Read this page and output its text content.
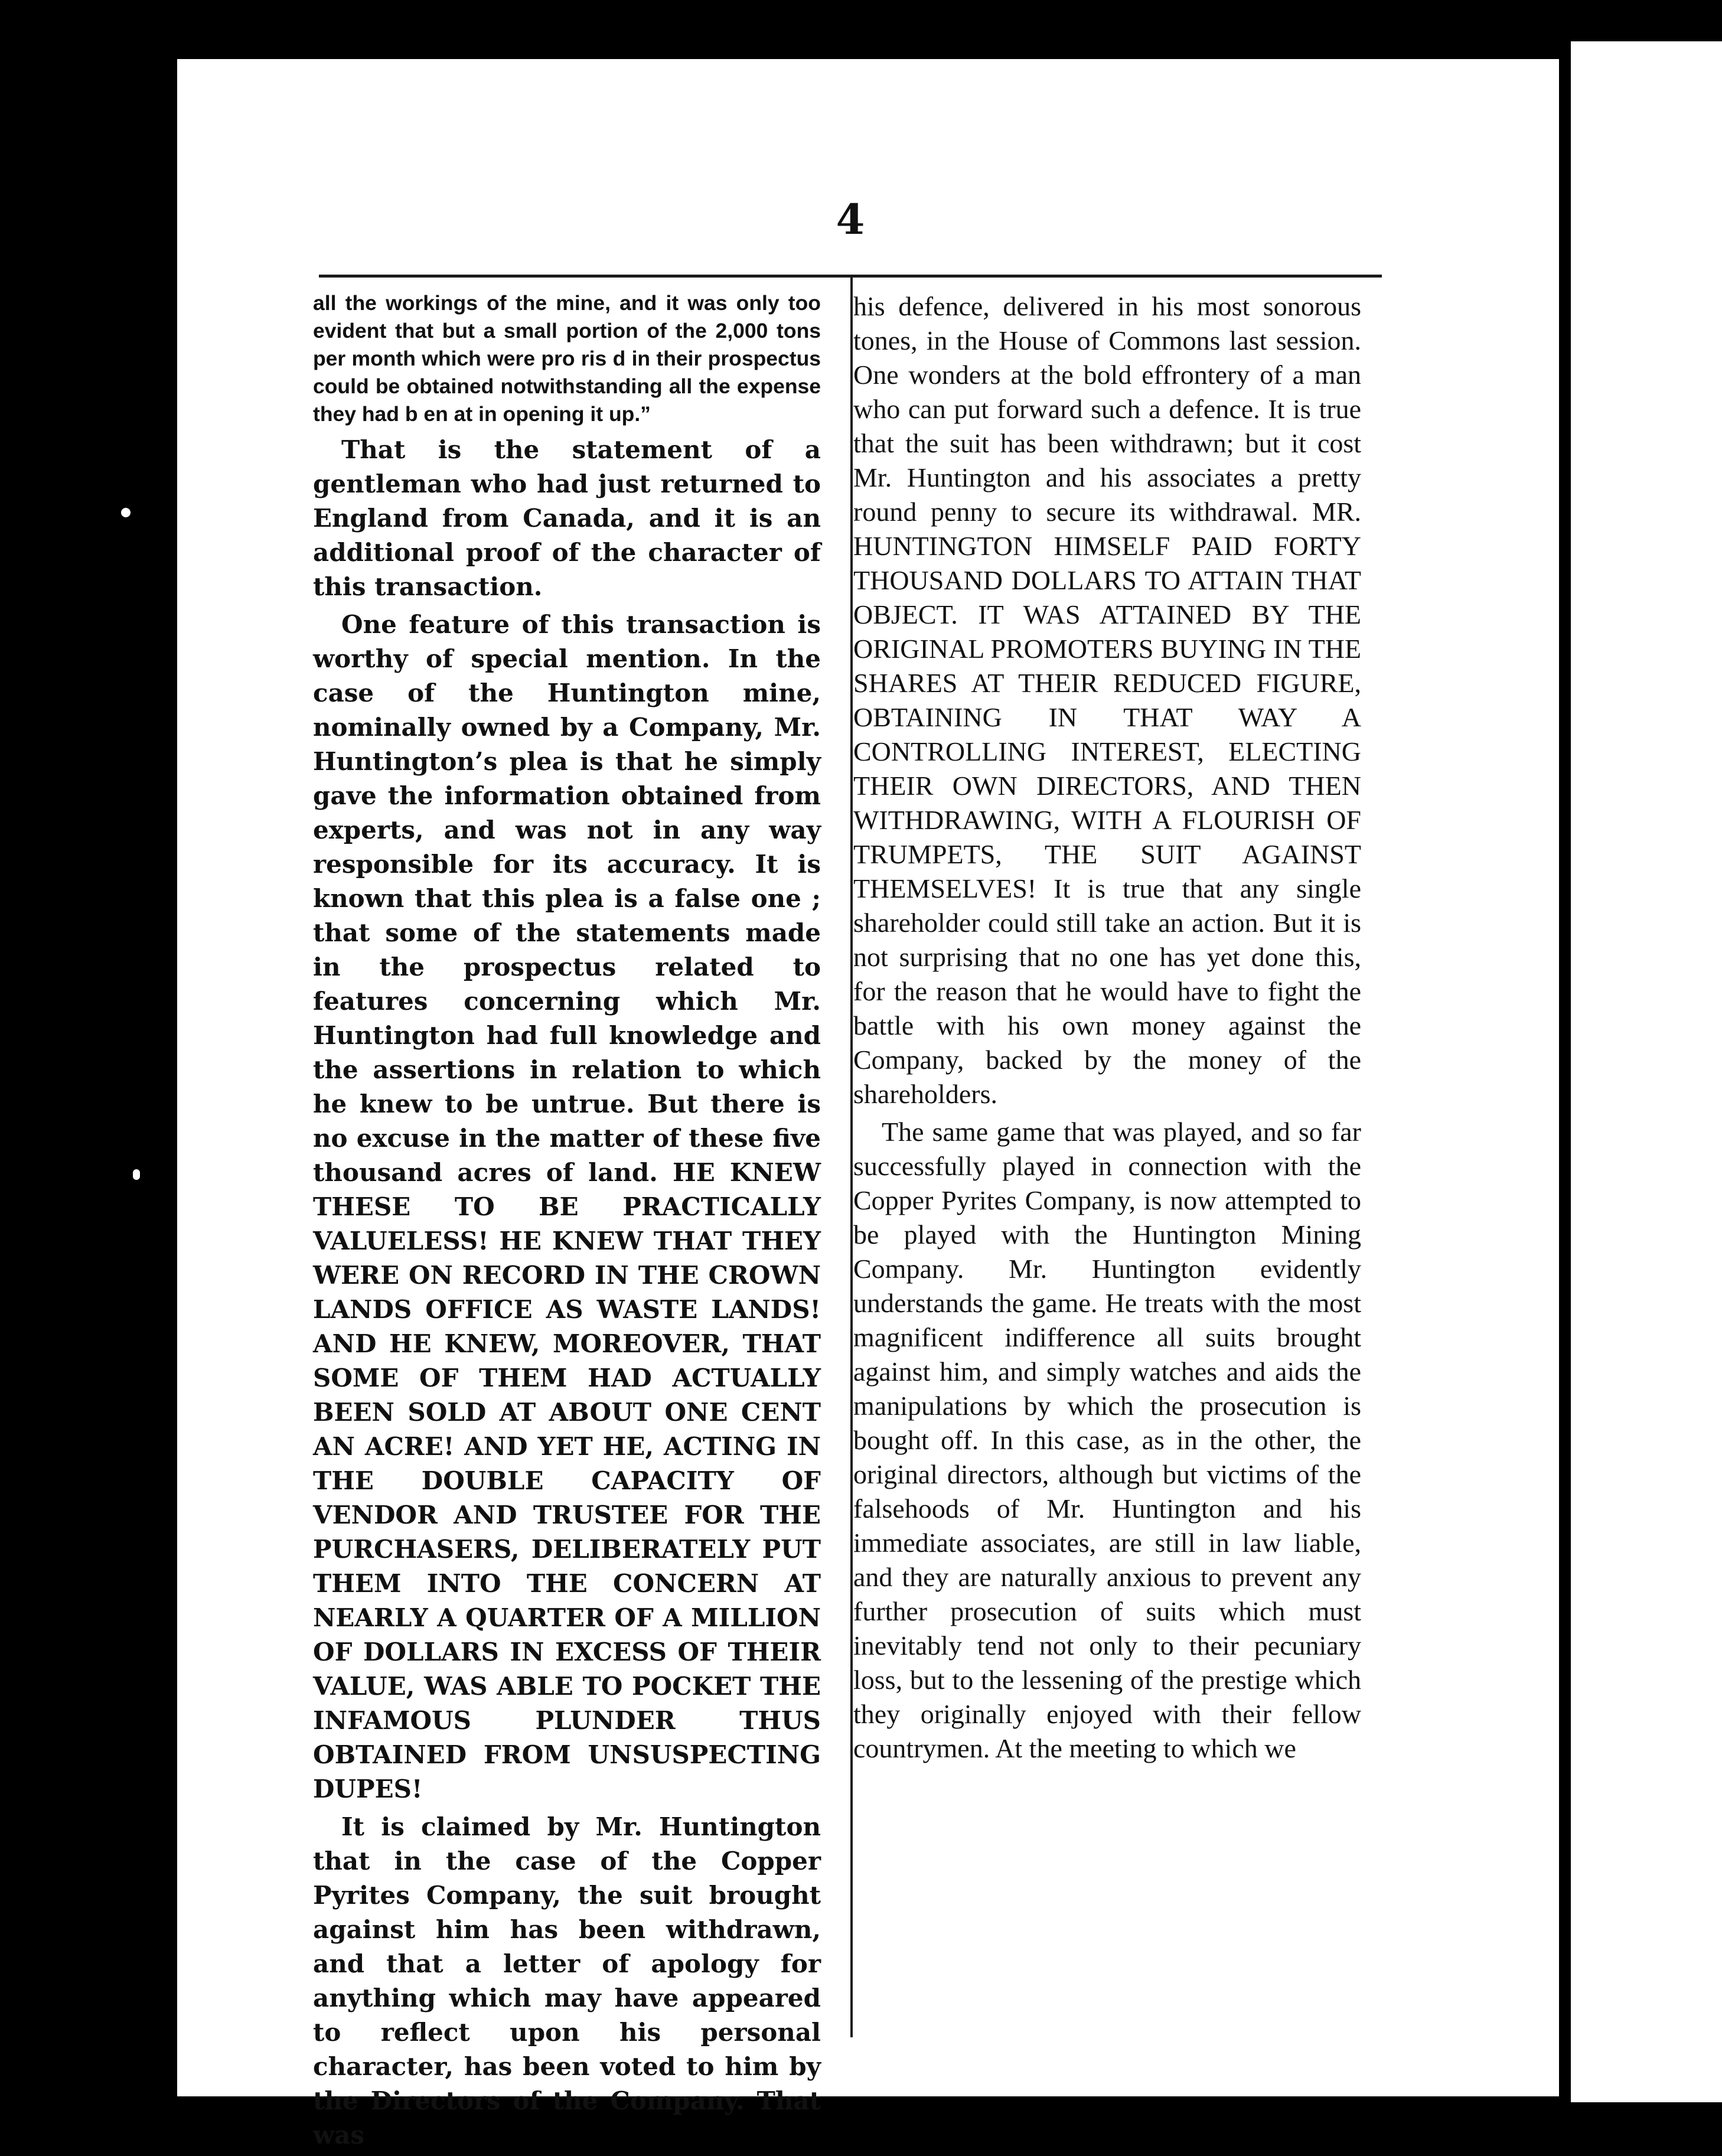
4

all the workings of the mine, and it was only too evident that but a small portion of the 2,000 tons per month which were pro ris d in their prospectus could be obtained notwithstanding all the expense they had b en at in opening it up.”

That is the statement of a gentleman who had just returned to England from Canada, and it is an additional proof of the character of this transaction.

One feature of this transaction is worthy of special mention. In the case of the Huntington mine, nominally owned by a Company, Mr. Huntington’s plea is that he simply gave the information obtained from experts, and was not in any way responsible for its accuracy. It is known that this plea is a false one ; that some of the statements made in the prospectus related to features concerning which Mr. Huntington had full knowledge and the assertions in relation to which he knew to be untrue. But there is no excuse in the matter of these five thousand acres of land. HE KNEW THESE TO BE PRACTICALLY VALUELESS! HE KNEW THAT THEY WERE ON RECORD IN THE CROWN LANDS OFFICE AS WASTE LANDS! AND HE KNEW, MOREOVER, THAT SOME OF THEM HAD ACTUALLY BEEN SOLD AT ABOUT ONE CENT AN ACRE! AND YET HE, ACTING IN THE DOUBLE CAPACITY OF VENDOR AND TRUSTEE FOR THE PURCHASERS, DELIBERATELY PUT THEM INTO THE CONCERN AT NEARLY A QUARTER OF A MILLION OF DOLLARS IN EXCESS OF THEIR VALUE, WAS ABLE TO POCKET THE INFAMOUS PLUNDER THUS OBTAINED FROM UNSUSPECTING DUPES!

It is claimed by Mr. Huntington that in the case of the Copper Pyrites Company, the suit brought against him has been withdrawn, and that a letter of apology for anything which may have appeared to reflect upon his personal character, has been voted to him by the Directors of the Company. That was

his defence, delivered in his most sonorous tones, in the House of Commons last session. One wonders at the bold effrontery of a man who can put forward such a defence. It is true that the suit has been withdrawn; but it cost Mr. Huntington and his associates a pretty round penny to secure its withdrawal. MR. HUNTINGTON HIMSELF PAID FORTY THOUSAND DOLLARS TO ATTAIN THAT OBJECT. IT WAS ATTAINED BY THE ORIGINAL PROMOTERS BUYING IN THE SHARES AT THEIR REDUCED FIGURE, OBTAINING IN THAT WAY A CONTROLLING INTEREST, ELECTING THEIR OWN DIRECTORS, AND THEN WITHDRAWING, WITH A FLOURISH OF TRUMPETS, THE SUIT AGAINST THEMSELVES! It is true that any single shareholder could still take an action. But it is not surprising that no one has yet done this, for the reason that he would have to fight the battle with his own money against the Company, backed by the money of the shareholders.

The same game that was played, and so far successfully played in connection with the Copper Pyrites Company, is now attempted to be played with the Huntington Mining Company. Mr. Huntington evidently understands the game. He treats with the most magnificent indifference all suits brought against him, and simply watches and aids the manipulations by which the prosecution is bought off. In this case, as in the other, the original directors, although but victims of the falsehoods of Mr. Huntington and his immediate associates, are still in law liable, and they are naturally anxious to prevent any further prosecution of suits which must inevitably tend not only to their pecuniary loss, but to the lessening of the prestige which they originally enjoyed with their fellow countrymen. At the meeting to which we
